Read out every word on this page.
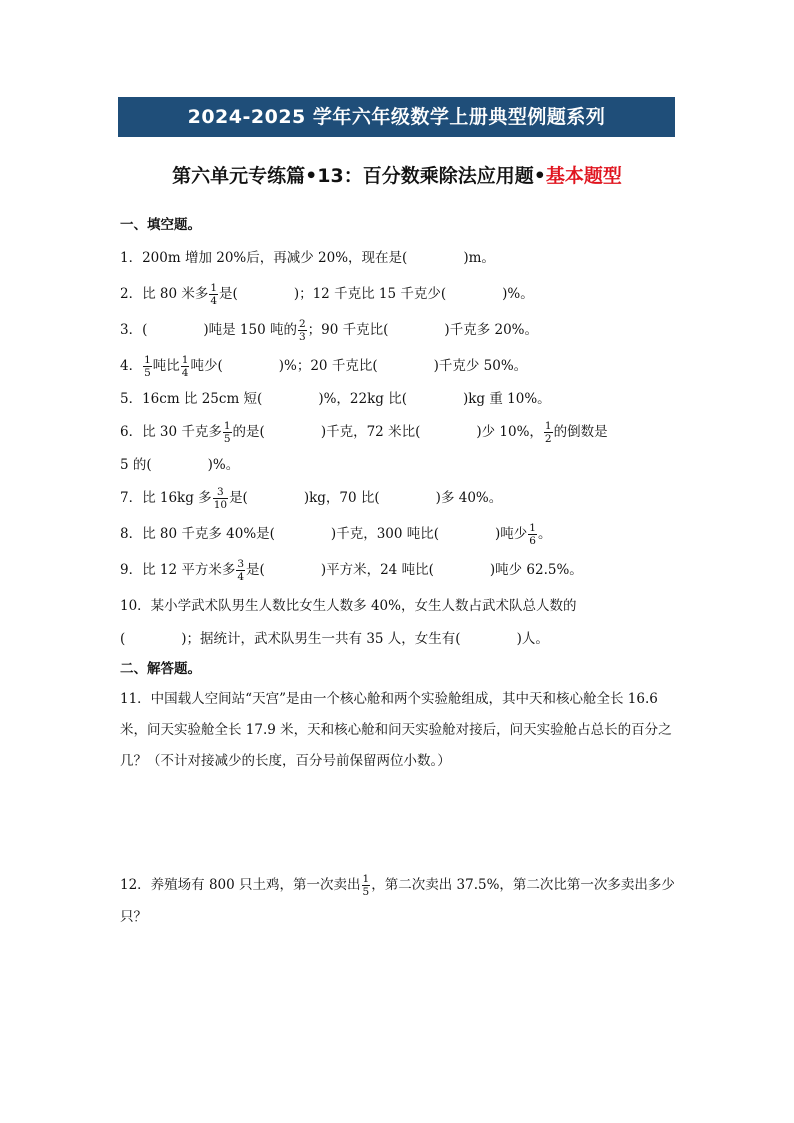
2024-2025 学年六年级数学上册典型例题系列
第六单元专练篇•13：百分数乘除法应用题•基本题型
一、填空题。
1．200m 增加 20%后，再减少 20%，现在是(	)m。
2．比 80 米多 $\frac{1}{4}$ 是(	)；12 千克比 15 千克少(	)%。
3．(	)吨是 150 吨的 $\frac{2}{3}$ ；90 千克比(	)千克多 20%。
4． $\frac{1}{5}$ 吨比 $\frac{1}{4}$ 吨少(	)%；20 千克比(	)千克少 50%。
5．16cm 比 25cm 短(	)%，22kg 比(	)kg 重 10%。
6．比 30 千克多 $\frac{1}{5}$ 的是(	)千克，72 米比(	)少 10%， $\frac{1}{2}$ 的倒数是
5 的(	)%。
7．比 16kg 多 $\frac{3}{10}$ 是(	)kg，70 比(	)多 40%。
8．比 80 千克多 40%是(	)千克，300 吨比(	)吨少 $\frac{1}{6}$ 。
9．比 12 平方米多 $\frac{3}{4}$ 是(	)平方米，24 吨比(	)吨少 62.5%。
10．某小学武术队男生人数比女生人数多 40%，女生人数占武术队总人数的
(	)；据统计，武术队男生一共有 35 人，女生有(	)人。
二、解答题。
11．中国载人空间站“天宫”是由一个核心舱和两个实验舱组成，其中天和核心舱全长 16.6 米，问天实验舱全长 17.9 米，天和核心舱和问天实验舱对接后，问天实验舱占总长的百分之几？（不计对接减少的长度，百分号前保留两位小数。）
12．养殖场有 800 只土鸡，第一次卖出 $\frac{1}{5}$ ，第二次卖出 37.5%，第二次比第一次多卖出多少只？
